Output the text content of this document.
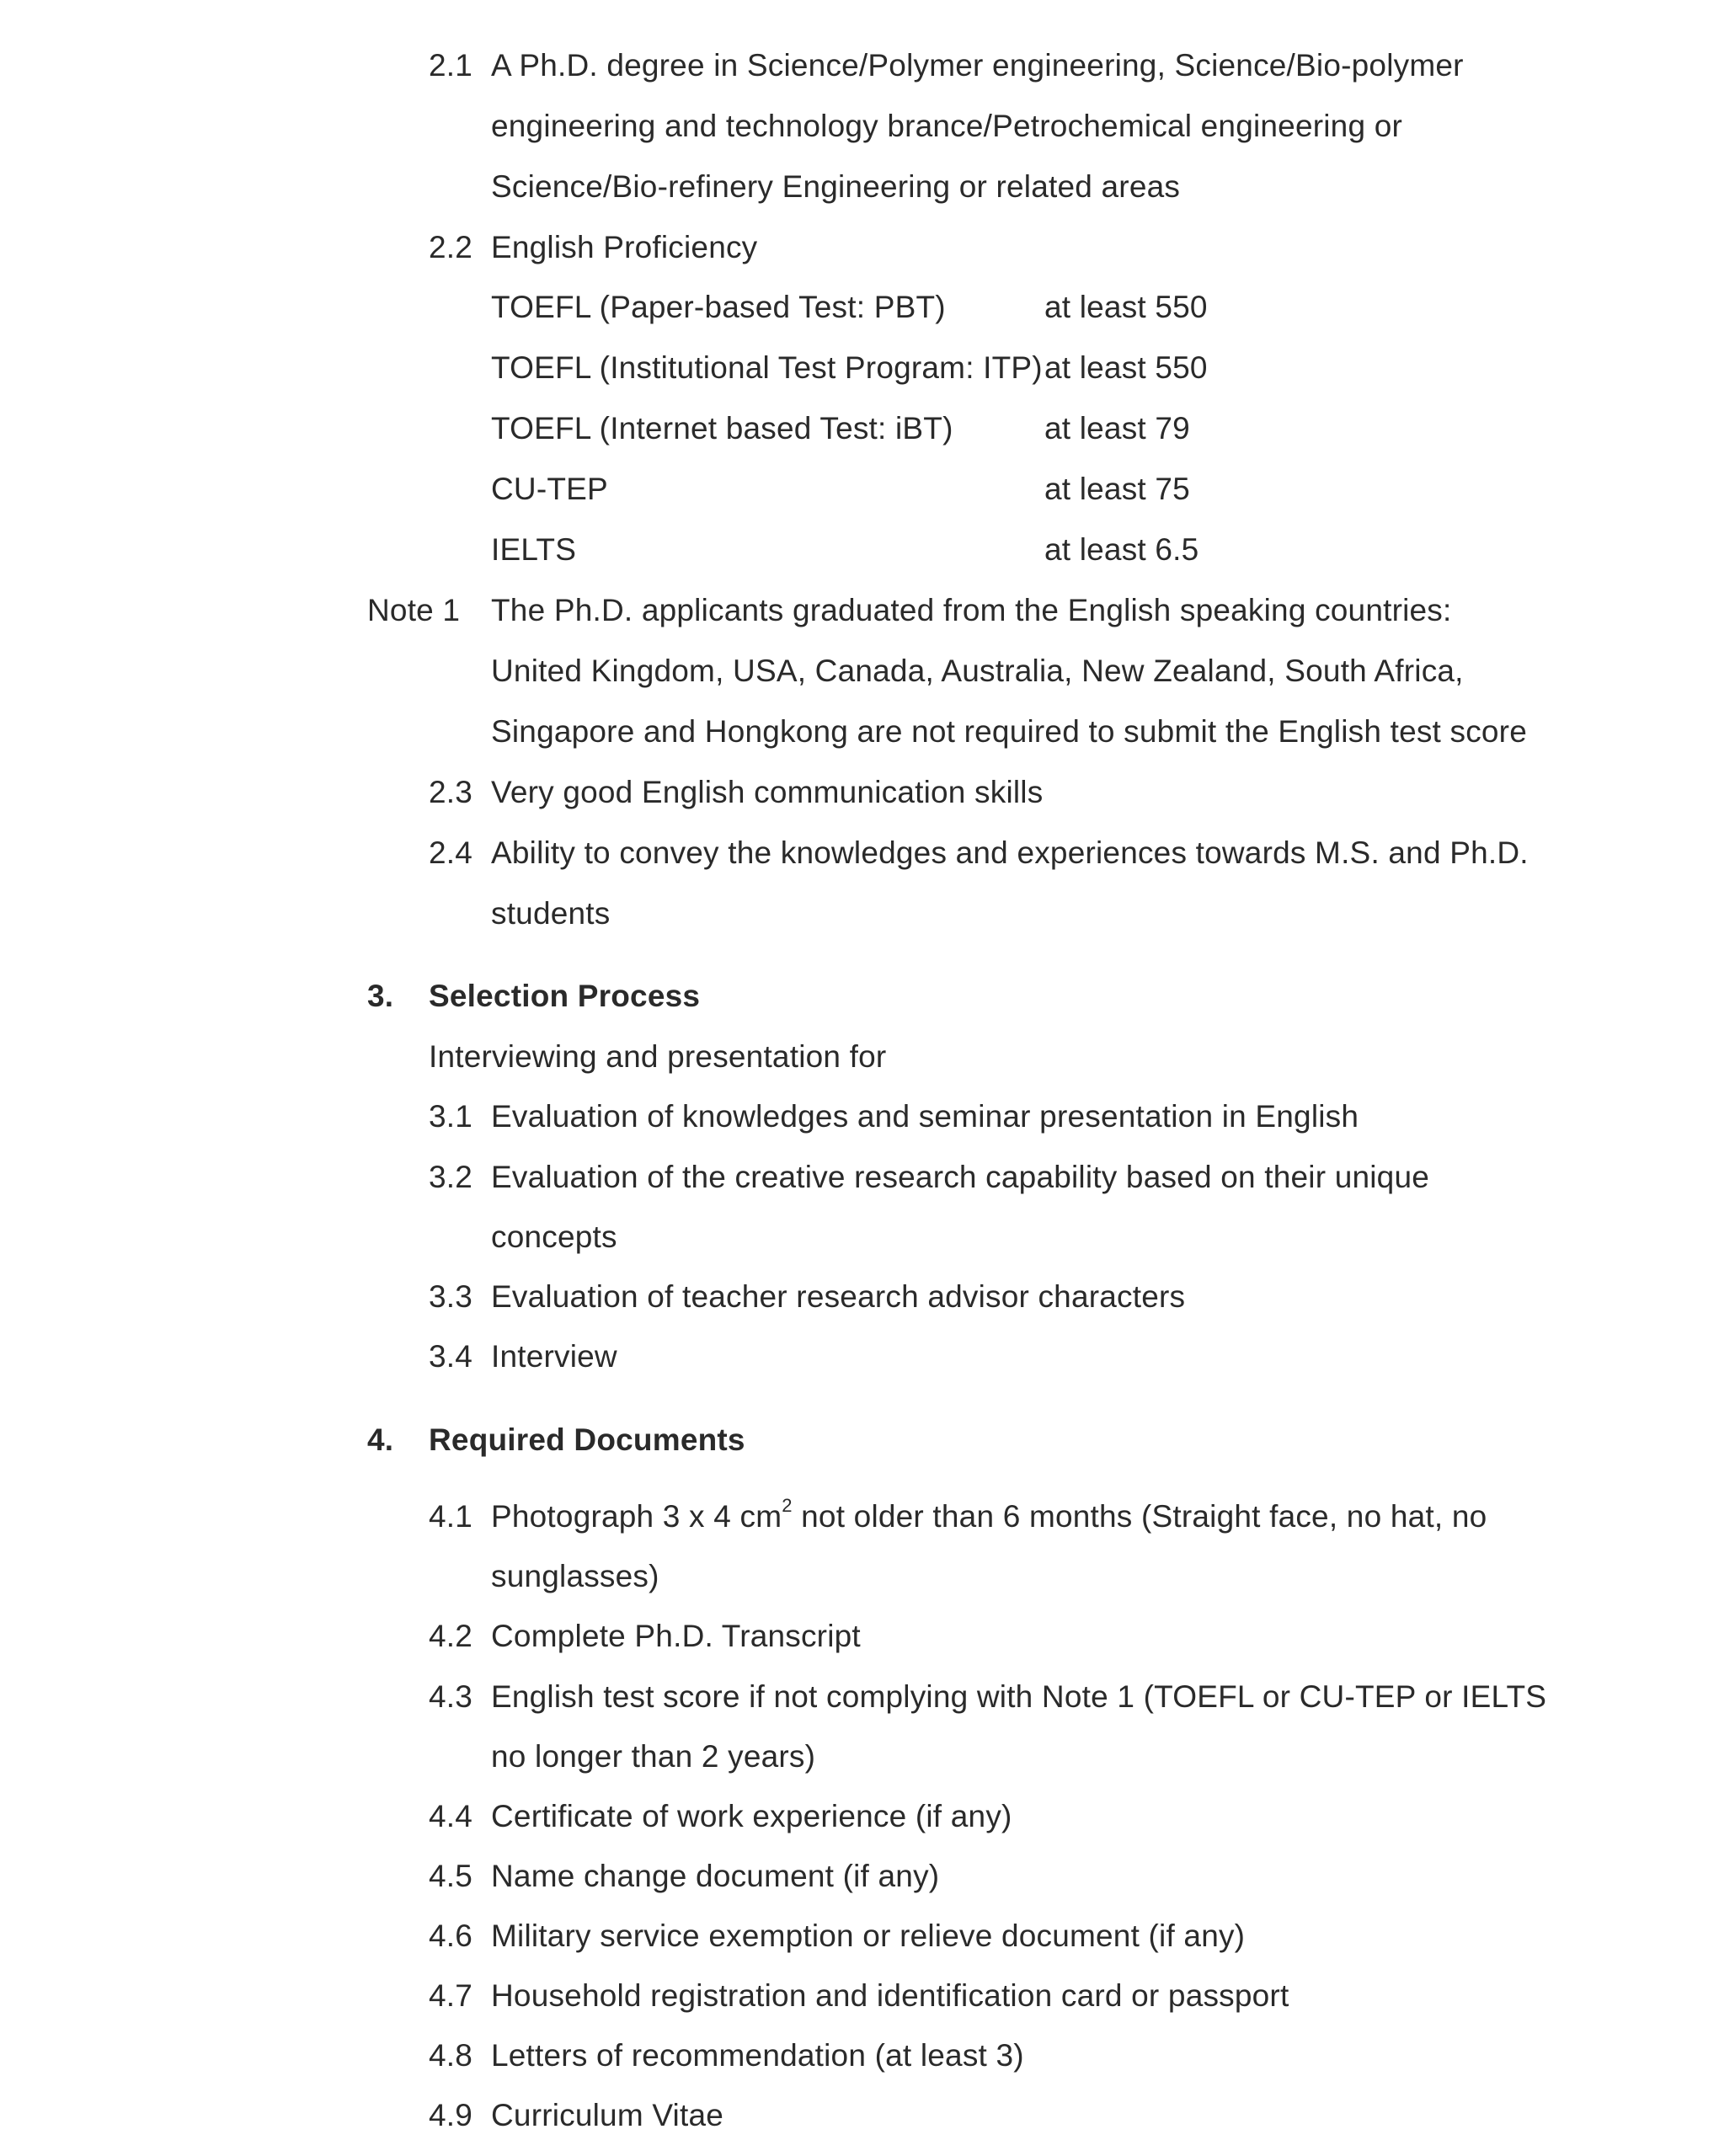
2.1 A Ph.D. degree in Science/Polymer engineering, Science/Bio-polymer
engineering and technology brance/Petrochemical engineering or
Science/Bio-refinery Engineering or related areas
2.2 English Proficiency
TOEFL (Paper-based Test: PBT)	at least 550
TOEFL (Institutional Test Program: ITP) at least 550
TOEFL (Internet based Test: iBT)	at least 79
CU-TEP	at least 75
IELTS	at least 6.5
Note 1 The Ph.D. applicants graduated from the English speaking countries:
United Kingdom, USA, Canada, Australia, New Zealand, South Africa,
Singapore and Hongkong are not required to submit the English test score
2.3 Very good English communication skills
2.4 Ability to convey the knowledges and experiences towards M.S. and Ph.D.
students
3. Selection Process
Interviewing and presentation for
3.1 Evaluation of knowledges and seminar presentation in English
3.2 Evaluation of the creative research capability based on their unique
concepts
3.3 Evaluation of teacher research advisor characters
3.4 Interview
4. Required Documents
4.1 Photograph 3 x 4 $cm^2$ not older than 6 months (Straight face, no hat, no
sunglasses)
4.2 Complete Ph.D. Transcript
4.3 English test score if not complying with Note 1 (TOEFL or CU-TEP or IELTS
no longer than 2 years)
4.4 Certificate of work experience (if any)
4.5 Name change document (if any)
4.6 Military service exemption or relieve document (if any)
4.7 Household registration and identification card or passport
4.8 Letters of recommendation (at least 3)
4.9 Curriculum Vitae
